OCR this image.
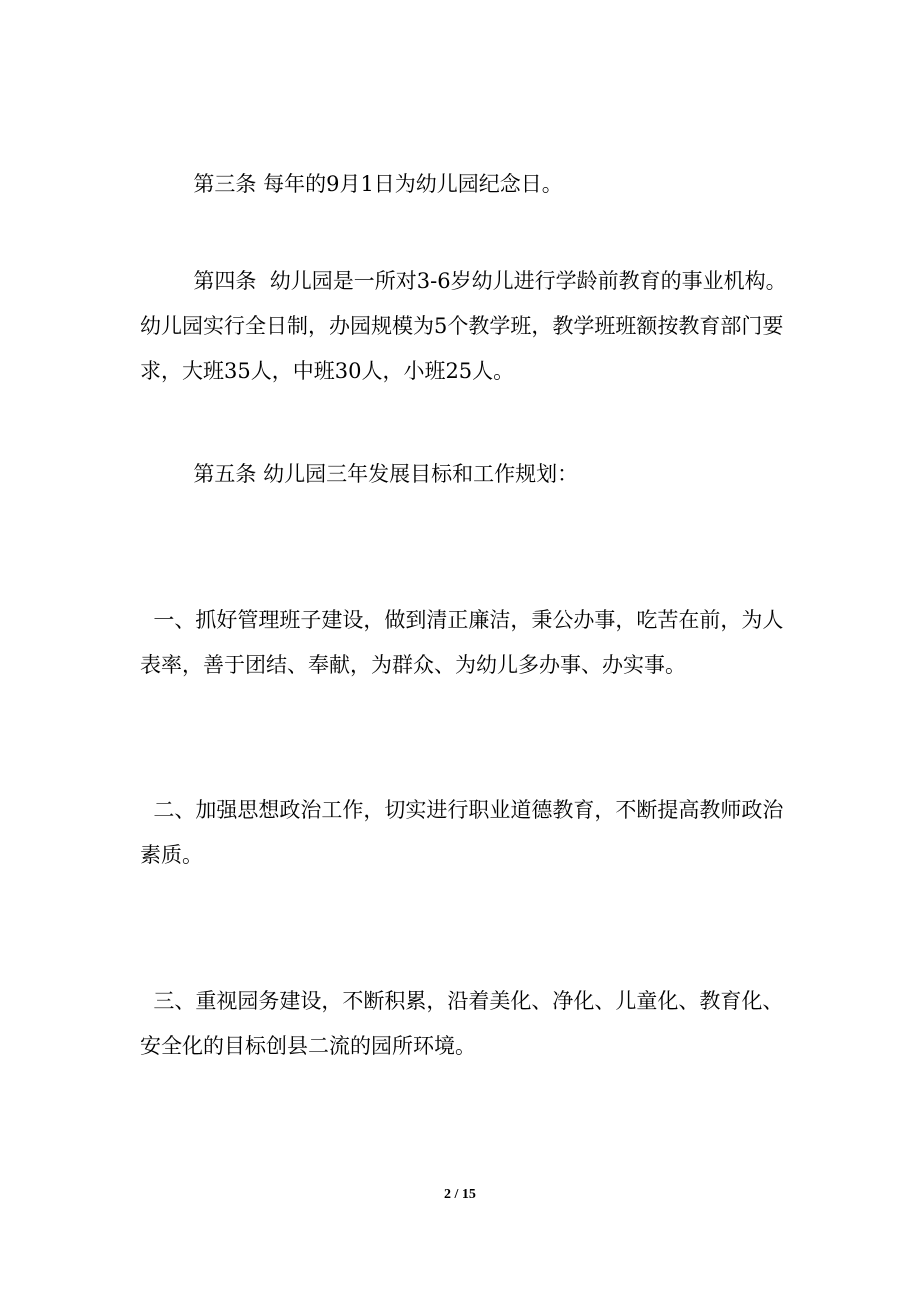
第三条 每年的9月1日为幼儿园纪念日。

第四条  幼儿园是一所对3-6岁幼儿进行学龄前教育的事业机构。幼儿园实行全日制，办园规模为5个教学班，教学班班额按教育部门要求，大班35人，中班30人，小班25人。

第五条 幼儿园三年发展目标和工作规划：

一、抓好管理班子建设，做到清正廉洁，秉公办事，吃苦在前，为人表率，善于团结、奉献，为群众、为幼儿多办事、办实事。

二、加强思想政治工作，切实进行职业道德教育，不断提高教师政治素质。

三、重视园务建设，不断积累，沿着美化、净化、儿童化、教育化、安全化的目标创县二流的园所环境。

2 / 15
